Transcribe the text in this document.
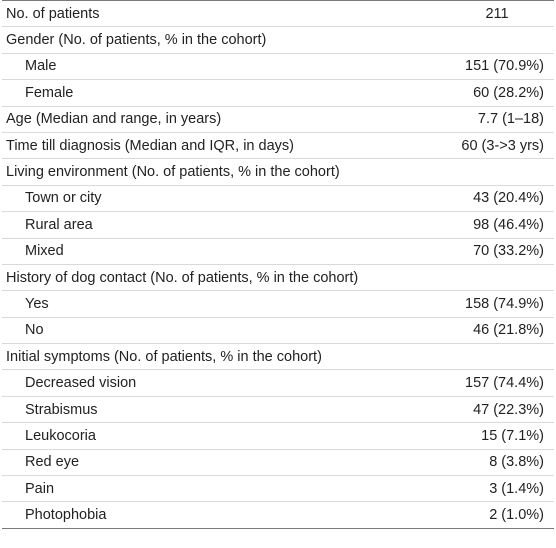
No. of patients	211
Gender (No. of patients, % in the cohort)	
Male	151 (70.9%)
Female	60 (28.2%)
Age (Median and range, in years)	7.7 (1–18)
Time till diagnosis (Median and IQR, in days)	60 (3->3 yrs)
Living environment (No. of patients, % in the cohort)	
Town or city	43 (20.4%)
Rural area	98 (46.4%)
Mixed	70 (33.2%)
History of dog contact (No. of patients, % in the cohort)	
Yes	158 (74.9%)
No	46 (21.8%)
Initial symptoms (No. of patients, % in the cohort)	
Decreased vision	157 (74.4%)
Strabismus	47 (22.3%)
Leukocoria	15 (7.1%)
Red eye	8 (3.8%)
Pain	3 (1.4%)
Photophobia	2 (1.0%)
